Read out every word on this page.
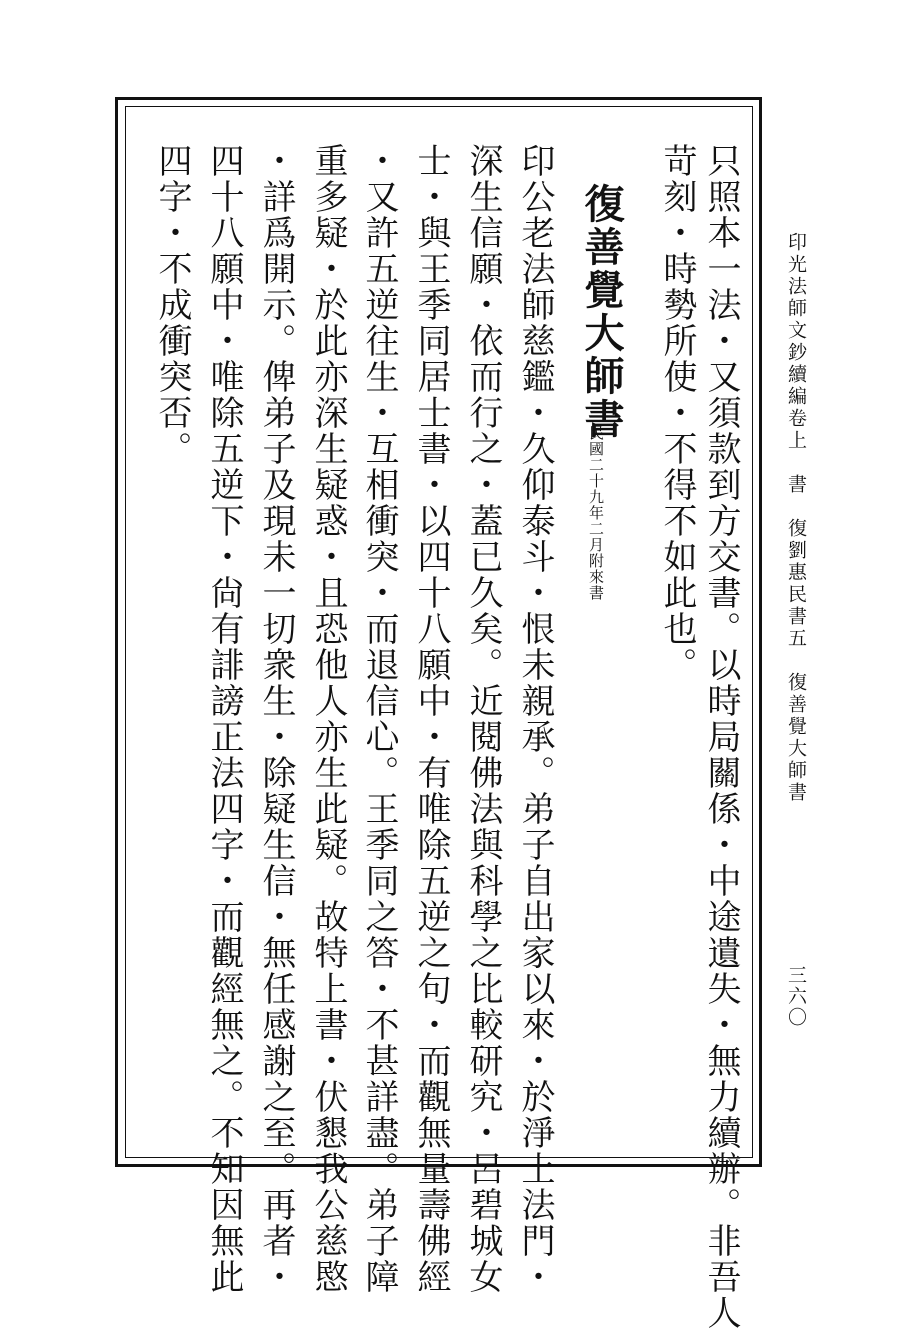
印光法師文鈔續編卷上　書　復劉惠民書五　復善覺大師書

三六〇

只照本一法・又須款到方交書。以時局關係・中途遺失・無力續辦。非吾人

苛刻・時勢所使・不得不如此也。

復善覺大師書

民國二十九年二月
附來書

印公老法師慈鑑・久仰泰斗・恨未親承。弟子自出家以來・於淨土法門・

深生信願・依而行之・蓋已久矣。近閱佛法與科學之比較研究・呂碧城女

士・與王季同居士書・以四十八願中・有唯除五逆之句・而觀無量壽佛經

・又許五逆往生・互相衝突・而退信心。王季同之答・不甚詳盡。弟子障

重多疑・於此亦深生疑惑・且恐他人亦生此疑。故特上書・伏懇我公慈愍

・詳爲開示。俾弟子及現未一切衆生・除疑生信・無任感謝之至。再者・

四十八願中・唯除五逆下・尙有誹謗正法四字・而觀經無之。不知因無此

四字・不成衝突否。
